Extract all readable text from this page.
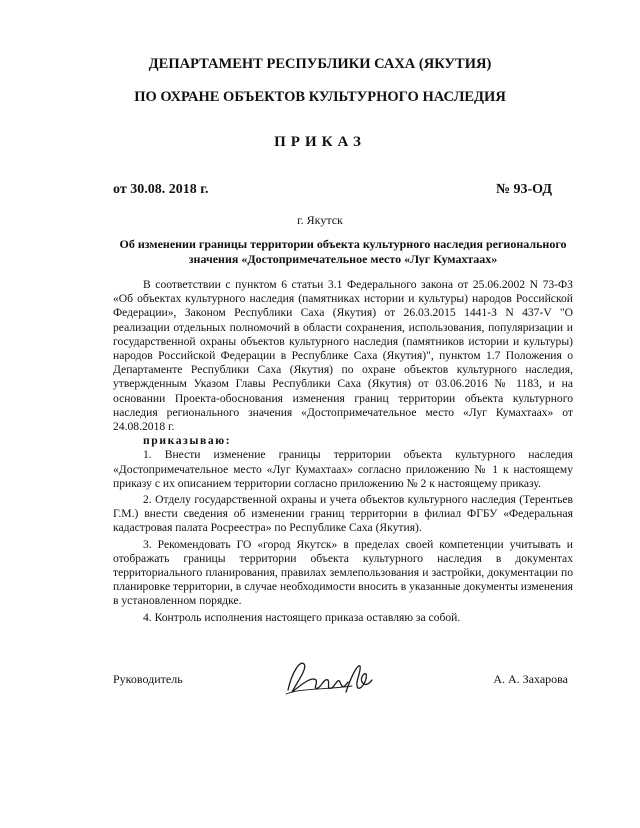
ДЕПАРТАМЕНТ РЕСПУБЛИКИ САХА (ЯКУТИЯ)
ПО ОХРАНЕ ОБЪЕКТОВ КУЛЬТУРНОГО НАСЛЕДИЯ
ПРИКАЗ
от 30.08. 2018 г.	№ 93-ОД
г. Якутск
Об изменении границы территории объекта культурного наследия регионального значения «Достопримечательное место «Луг Кумахтаах»

В соответствии с пунктом 6 статьи 3.1 Федерального закона от 25.06.2002 N 73-ФЗ «Об объектах культурного наследия (памятниках истории и культуры) народов Российской Федерации», Законом Республики Саха (Якутия) от 26.03.2015 1441-З N 437-V "О реализации отдельных полномочий в области сохранения, использования, популяризации и государственной охраны объектов культурного наследия (памятников истории и культуры) народов Российской Федерации в Республике Саха (Якутия)", пунктом 1.7 Положения о Департаменте Республики Саха (Якутия) по охране объектов культурного наследия, утвержденным Указом Главы Республики Саха (Якутия) от 03.06.2016 № 1183, и на основании Проекта-обоснования изменения границ территории объекта культурного наследия регионального значения «Достопримечательное место «Луг Кумахтаах» от 24.08.2018 г.

приказываю:

1. Внести изменение границы территории объекта культурного наследия «Достопримечательное место «Луг Кумахтаах» согласно приложению № 1 к настоящему приказу с их описанием территории согласно приложению № 2 к настоящему приказу.

2. Отделу государственной охраны и учета объектов культурного наследия (Терентьев Г.М.) внести сведения об изменении границ территории в филиал ФГБУ «Федеральная кадастровая палата Росреестра» по Республике Саха (Якутия).

3. Рекомендовать ГО «город Якутск» в пределах своей компетенции учитывать и отображать границы территории объекта культурного наследия в документах территориального планирования, правилах землепользования и застройки, документации по планировке территории, в случае необходимости вносить в указанные документы изменения в установленном порядке.

4. Контроль исполнения настоящего приказа оставляю за собой.

Руководитель	А. А. Захарова
